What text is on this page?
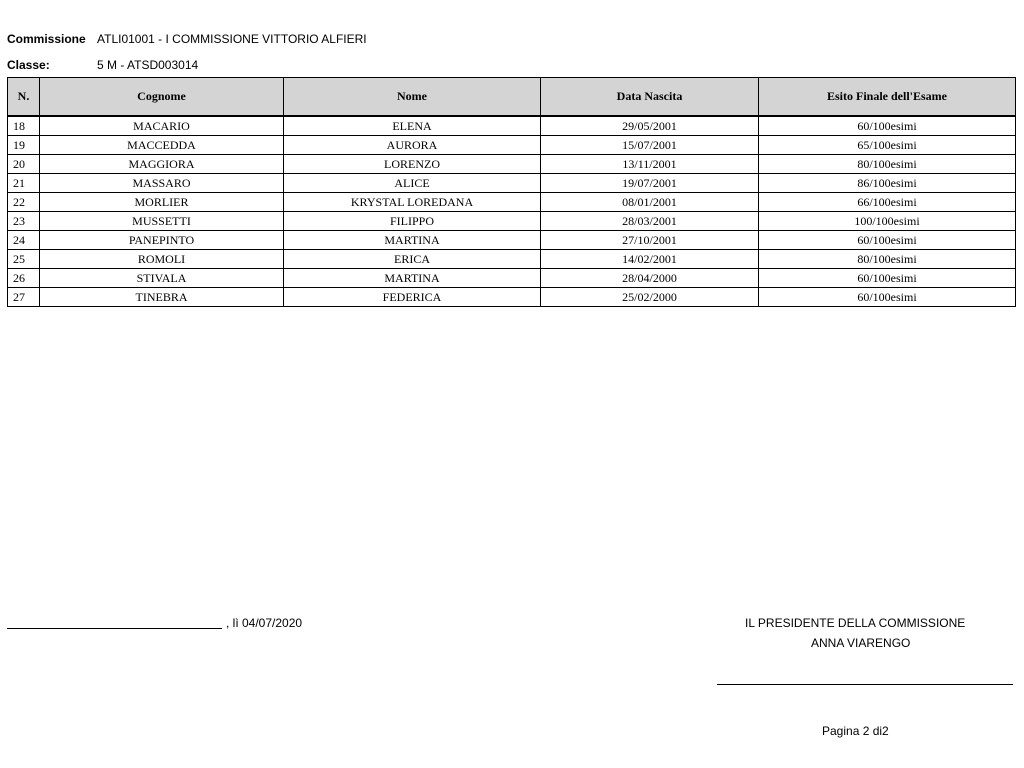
Commissione ATLI01001 - I COMMISSIONE VITTORIO ALFIERI
Classe:	5 M - ATSD003014
N.	Cognome	Nome	Data Nascita	Esito Finale dell'Esame
18	MACARIO	ELENA	29/05/2001	60/100esimi
19	MACCEDDA	AURORA	15/07/2001	65/100esimi
20	MAGGIORA	LORENZO	13/11/2001	80/100esimi
21	MASSARO	ALICE	19/07/2001	86/100esimi
22	MORLIER	KRYSTAL LOREDANA	08/01/2001	66/100esimi
23	MUSSETTI	FILIPPO	28/03/2001	100/100esimi
24	PANEPINTO	MARTINA	27/10/2001	60/100esimi
25	ROMOLI	ERICA	14/02/2001	80/100esimi
26	STIVALA	MARTINA	28/04/2000	60/100esimi
27	TINEBRA	FEDERICA	25/02/2000	60/100esimi
, lì 04/07/2020	IL PRESIDENTE DELLA COMMISSIONE
ANNA VIARENGO
Pagina 2 di2
